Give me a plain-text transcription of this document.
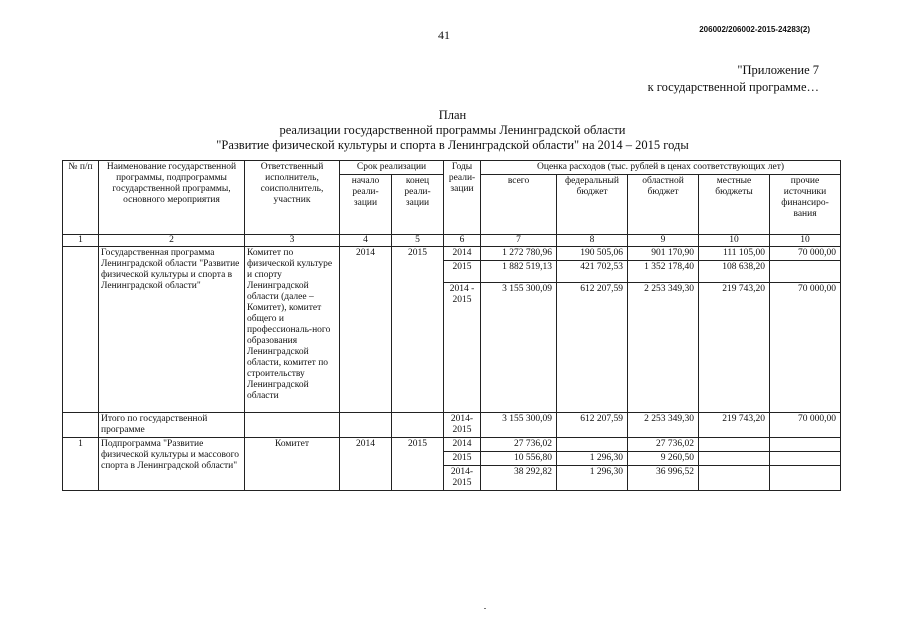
41	206002/206002-2015-24283(2)
"Приложение 7
к государственной программе…
План
реализации государственной программы Ленинградской области
"Развитие физической культуры и спорта в Ленинградской области" на 2014 – 2015 годы
№ п/п	Наименование государственной программы, подпрограммы государственной программы, основного мероприятия	Ответственный исполнитель, соисполнитель, участник	Срок реализации		Годы реали-зации	Оценка расходов (тыс. рублей в ценах соответствующих лет)				
			начало реали-зации	конец реали-зации		всего	федеральный бюджет	областной бюджет	местные бюджеты	прочие источники финансиро-вания
1	2	3	4	5	6	7	8	9	10	10
	Государственная программа Ленинградской области "Развитие физической культуры и спорта в Ленинградской области"	Комитет по физической культуре и спорту Ленинградской области (далее – Комитет), комитет общего и профессиональ-ного образования Ленинградской области, комитет по строительству Ленинградской области	2014	2015	2014	1 272 780,96	190 505,06	901 170,90	111 105,00	70 000,00
					2015	1 882 519,13	421 702,53	1 352 178,40	108 638,20	
					2014 - 2015	3 155 300,09	612 207,59	2 253 349,30	219 743,20	70 000,00
	Итого по государственной программе				2014- 2015	3 155 300,09	612 207,59	2 253 349,30	219 743,20	70 000,00
1	Подпрограмма "Развитие физической культуры и массового спорта в Ленинградской области"	Комитет	2014	2015	2014	27 736,02		27 736,02		
					2015	10 556,80	1 296,30	9 260,50		
					2014- 2015	38 292,82	1 296,30	36 996,52		
